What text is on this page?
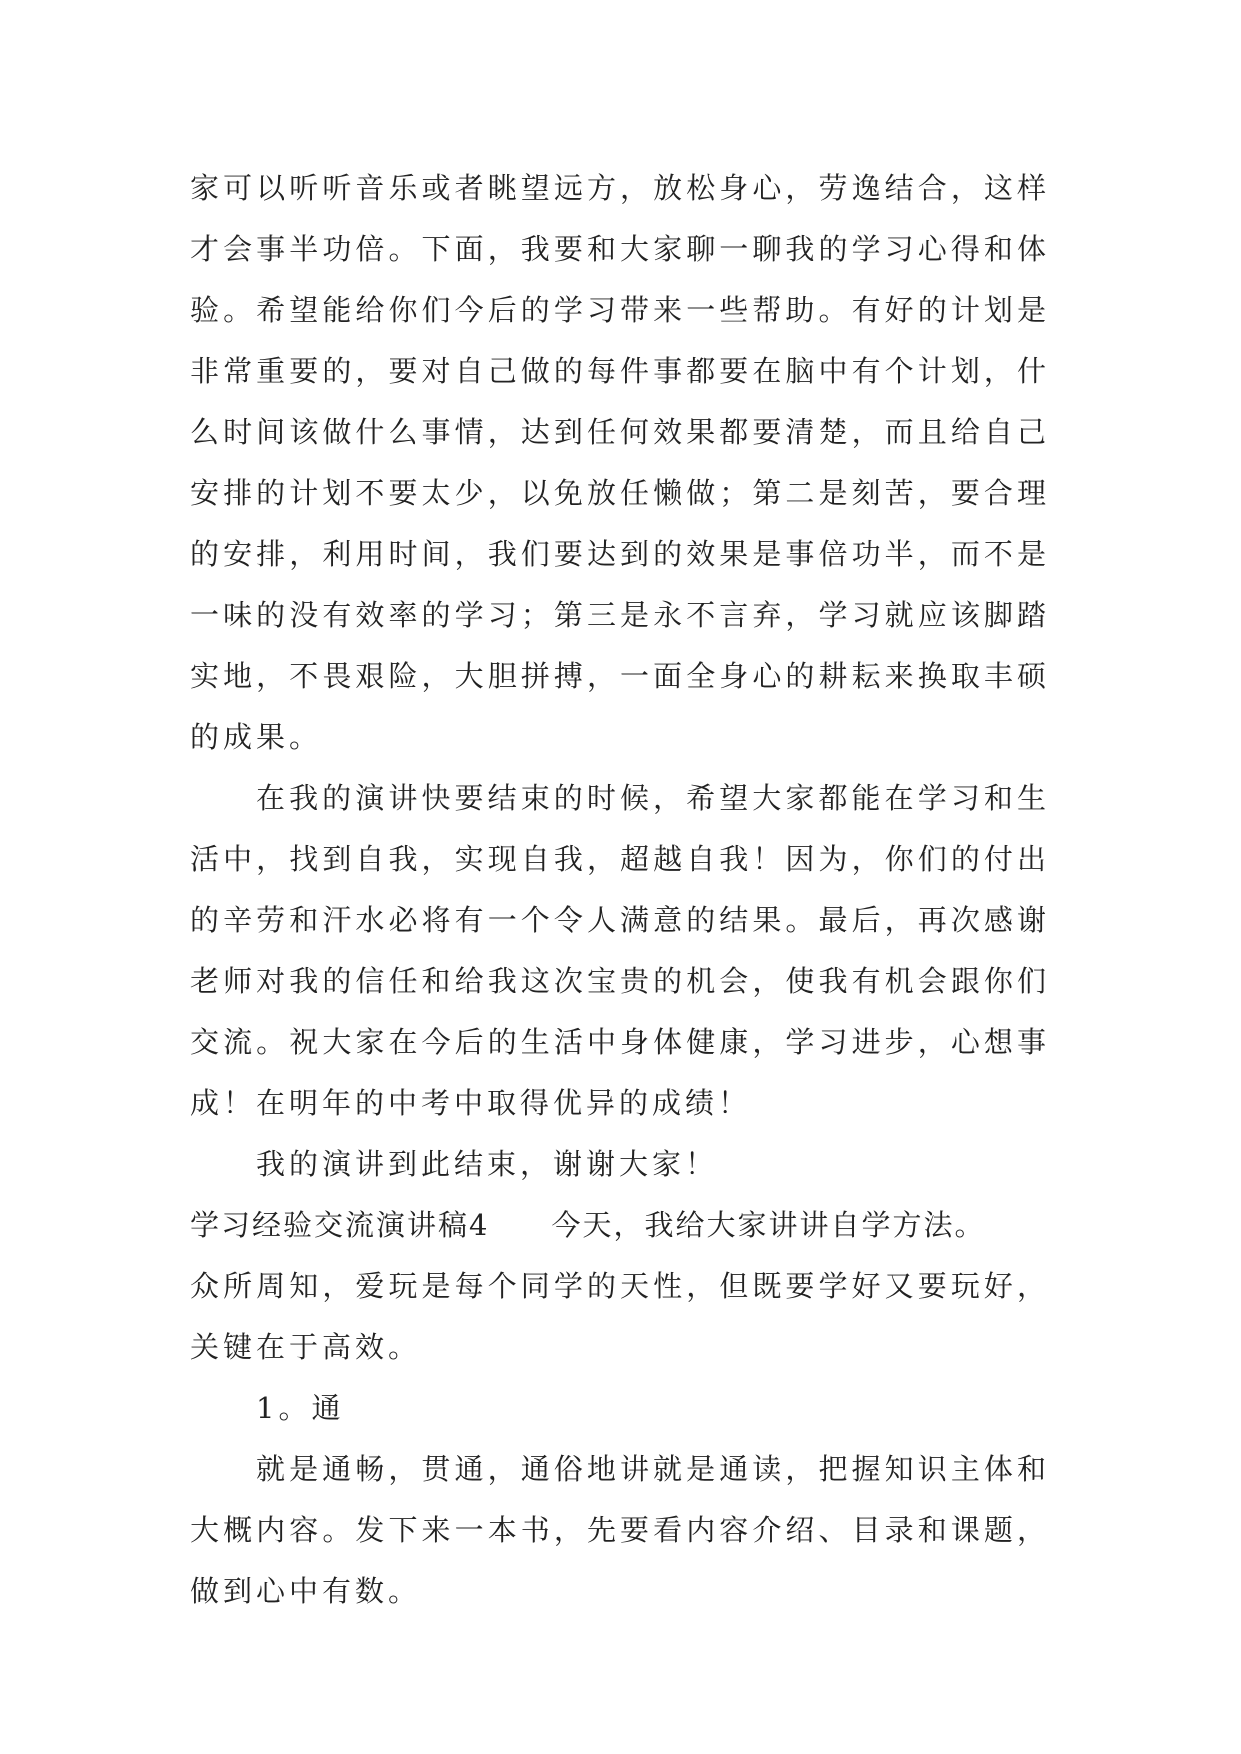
家可以听听音乐或者眺望远方，放松身心，劳逸结合，这样才会事半功倍。下面，我要和大家聊一聊我的学习心得和体验。希望能给你们今后的学习带来一些帮助。有好的计划是非常重要的，要对自己做的每件事都要在脑中有个计划，什么时间该做什么事情，达到任何效果都要清楚，而且给自己安排的计划不要太少，以免放任懒做；第二是刻苦，要合理的安排，利用时间，我们要达到的效果是事倍功半，而不是一味的没有效率的学习；第三是永不言弃，学习就应该脚踏实地，不畏艰险，大胆拼搏，一面全身心的耕耘来换取丰硕的成果。

在我的演讲快要结束的时候，希望大家都能在学习和生活中，找到自我，实现自我，超越自我！因为，你们的付出的辛劳和汗水必将有一个令人满意的结果。最后，再次感谢老师对我的信任和给我这次宝贵的机会，使我有机会跟你们交流。祝大家在今后的生活中身体健康，学习进步，心想事成！在明年的中考中取得优异的成绩！

我的演讲到此结束，谢谢大家！

学习经验交流演讲稿4 今天，我给大家讲讲自学方法。

众所周知，爱玩是每个同学的天性，但既要学好又要玩好，关键在于高效。

1。通

就是通畅，贯通，通俗地讲就是通读，把握知识主体和大概内容。发下来一本书，先要看内容介绍、目录和课题，做到心中有数。
